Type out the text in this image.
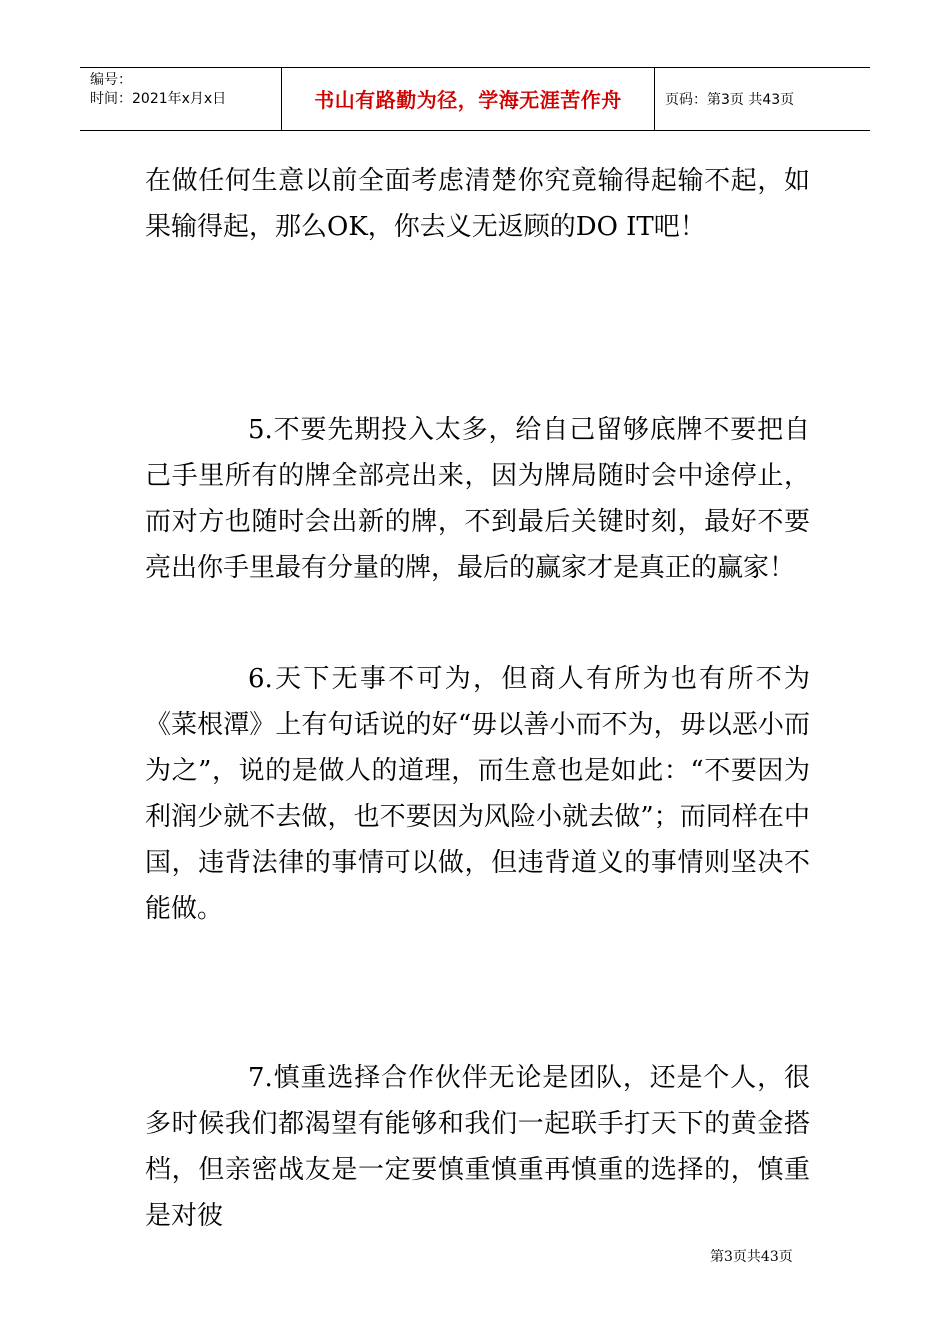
编号：
时间：2021年x月x日	书山有路勤为径，学海无涯苦作舟	页码：第3页 共43页
在做任何生意以前全面考虑清楚你究竟输得起输不起，如果输得起，那么OK，你去义无返顾的DO IT吧！
5.不要先期投入太多，给自己留够底牌不要把自己手里所有的牌全部亮出来，因为牌局随时会中途停止，而对方也随时会出新的牌，不到最后关键时刻，最好不要亮出你手里最有分量的牌，最后的赢家才是真正的赢家！
6.天下无事不可为，但商人有所为也有所不为《菜根潭》上有句话说的好“毋以善小而不为，毋以恶小而为之”，说的是做人的道理，而生意也是如此：“不要因为利润少就不去做，也不要因为风险小就去做”；而同样在中国，违背法律的事情可以做，但违背道义的事情则坚决不能做。
7.慎重选择合作伙伴无论是团队，还是个人，很多时候我们都渴望有能够和我们一起联手打天下的黄金搭档，但亲密战友是一定要慎重慎重再慎重的选择的，慎重是对彼
第3页共43页
